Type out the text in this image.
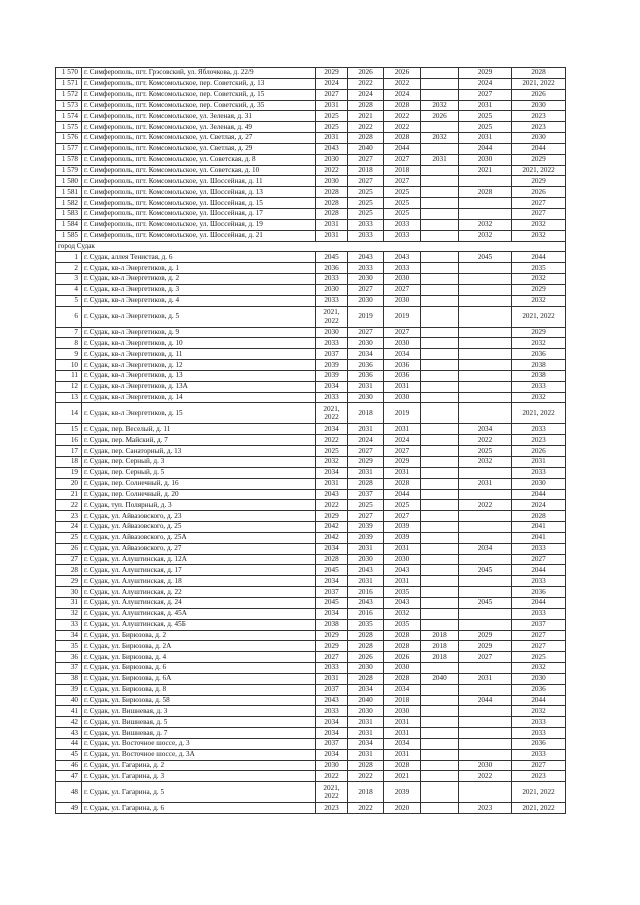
1 570	г. Симферополь, пгт. Грэсовский, ул. Яблочкова, д. 22/9	2029	2026	2026		2029	2028
1 571	г. Симферополь, пгт. Комсомольское, пер. Советский, д. 13	2024	2022	2022		2024	2021, 2022
1 572	г. Симферополь, пгт. Комсомольское, пер. Советский, д. 15	2027	2024	2024		2027	2026
1 573	г. Симферополь, пгт. Комсомольское, пер. Советский, д. 35	2031	2028	2028	2032	2031	2030
1 574	г. Симферополь, пгт. Комсомольское, ул. Зеленая, д. 31	2025	2021	2022	2026	2025	2023
1 575	г. Симферополь, пгт. Комсомольское, ул. Зеленая, д. 49	2025	2022	2022		2025	2023
1 576	г. Симферополь, пгт. Комсомольское, ул. Светлая, д. 27	2031	2028	2028	2032	2031	2030
1 577	г. Симферополь, пгт. Комсомольское, ул. Светлая, д. 29	2043	2040	2044		2044	2044
1 578	г. Симферополь, пгт. Комсомольское, ул. Советская, д. 8	2030	2027	2027	2031	2030	2029
1 579	г. Симферополь, пгт. Комсомольское, ул. Советская, д. 10	2022	2018	2018		2021	2021, 2022
1 580	г. Симферополь, пгт. Комсомольское, ул. Шоссейная, д. 11	2030	2027	2027			2029
1 581	г. Симферополь, пгт. Комсомольское, ул. Шоссейная, д. 13	2028	2025	2025		2028	2026
1 582	г. Симферополь, пгт. Комсомольское, ул. Шоссейная, д. 15	2028	2025	2025			2027
1 583	г. Симферополь, пгт. Комсомольское, ул. Шоссейная, д. 17	2028	2025	2025			2027
1 584	г. Симферополь, пгт. Комсомольское, ул. Шоссейная, д. 19	2031	2033	2033		2032	2032
1 585	г. Симферополь, пгт. Комсомольское, ул. Шоссейная, д. 21	2031	2033	2033		2032	2032
город Судак							
1	г. Судак, аллея Тенистая, д. 6	2045	2043	2043		2045	2044
2	г. Судак, кв-л Энергетиков, д. 1	2036	2033	2033			2035
3	г. Судак, кв-л Энергетиков, д. 2	2033	2030	2030			2032
4	г. Судак, кв-л Энергетиков, д. 3	2030	2027	2027			2029
5	г. Судак, кв-л Энергетиков, д. 4	2033	2030	2030			2032
6	г. Судак, кв-л Энергетиков, д. 5	2021, 2022	2019	2019			2021, 2022
7	г. Судак, кв-л Энергетиков, д. 9	2030	2027	2027			2029
8	г. Судак, кв-л Энергетиков, д. 10	2033	2030	2030			2032
9	г. Судак, кв-л Энергетиков, д. 11	2037	2034	2034			2036
10	г. Судак, кв-л Энергетиков, д. 12	2039	2036	2036			2038
11	г. Судак, кв-л Энергетиков, д. 13	2039	2036	2036			2038
12	г. Судак, кв-л Энергетиков, д. 13А	2034	2031	2031			2033
13	г. Судак, кв-л Энергетиков, д. 14	2033	2030	2030			2032
14	г. Судак, кв-л Энергетиков, д. 15	2021, 2022	2018	2019			2021, 2022
15	г. Судак, пер. Веселый, д. 11	2034	2031	2031		2034	2033
16	г. Судак, пер. Майский, д. 7	2022	2024	2024		2022	2023
17	г. Судак, пер. Санаторный, д. 13	2025	2027	2027		2025	2026
18	г. Судак, пер. Серный, д. 3	2032	2029	2029		2032	2031
19	г. Судак, пер. Серный, д. 5	2034	2031	2031			2033
20	г. Судак, пер. Солнечный, д. 16	2031	2028	2028		2031	2030
21	г. Судак, пер. Солнечный, д. 20	2043	2037	2044			2044
22	г. Судак, туп. Полярный, д. 3	2022	2025	2025		2022	2024
23	г. Судак, ул. Айвазовского, д. 23	2029	2027	2027			2028
24	г. Судак, ул. Айвазовского, д. 25	2042	2039	2039			2041
25	г. Судак, ул. Айвазовского, д. 25А	2042	2039	2039			2041
26	г. Судак, ул. Айвазовского, д. 27	2034	2031	2031		2034	2033
27	г. Судак, ул. Алуштинская, д. 12А	2028	2030	2030			2027
28	г. Судак, ул. Алуштинская, д. 17	2045	2043	2043		2045	2044
29	г. Судак, ул. Алуштинская, д. 18	2034	2031	2031			2033
30	г. Судак, ул. Алуштинская, д. 22	2037	2016	2035			2036
31	г. Судак, ул. Алуштинская, д. 24	2045	2043	2043		2045	2044
32	г. Судак, ул. Алуштинская, д. 45А	2034	2016	2032			2033
33	г. Судак, ул. Алуштинская, д. 45Б	2038	2035	2035			2037
34	г. Судак, ул. Бирюзова, д. 2	2029	2028	2028	2018	2029	2027
35	г. Судак, ул. Бирюзова, д. 2А	2029	2028	2028	2018	2029	2027
36	г. Судак, ул. Бирюзова, д. 4	2027	2026	2026	2018	2027	2025
37	г. Судак, ул. Бирюзова, д. 6	2033	2030	2030			2032
38	г. Судак, ул. Бирюзова, д. 6А	2031	2028	2028	2040	2031	2030
39	г. Судак, ул. Бирюзова, д. 8	2037	2034	2034			2036
40	г. Судак, ул. Бирюзова, д. 58	2043	2040	2018		2044	2044
41	г. Судак, ул. Вишневая, д. 3	2033	2030	2030			2032
42	г. Судак, ул. Вишневая, д. 5	2034	2031	2031			2033
43	г. Судак, ул. Вишневая, д. 7	2034	2031	2031			2033
44	г. Судак, ул. Восточное шоссе, д. 3	2037	2034	2034			2036
45	г. Судак, ул. Восточное шоссе, д. 3А	2034	2031	2031			2033
46	г. Судак, ул. Гагарина, д. 2	2030	2028	2028		2030	2027
47	г. Судак, ул. Гагарина, д. 3	2022	2022	2021		2022	2023
48	г. Судак, ул. Гагарина, д. 5	2021, 2022	2018	2039			2021, 2022
49	г. Судак, ул. Гагарина, д. 6	2023	2022	2020		2023	2021, 2022
